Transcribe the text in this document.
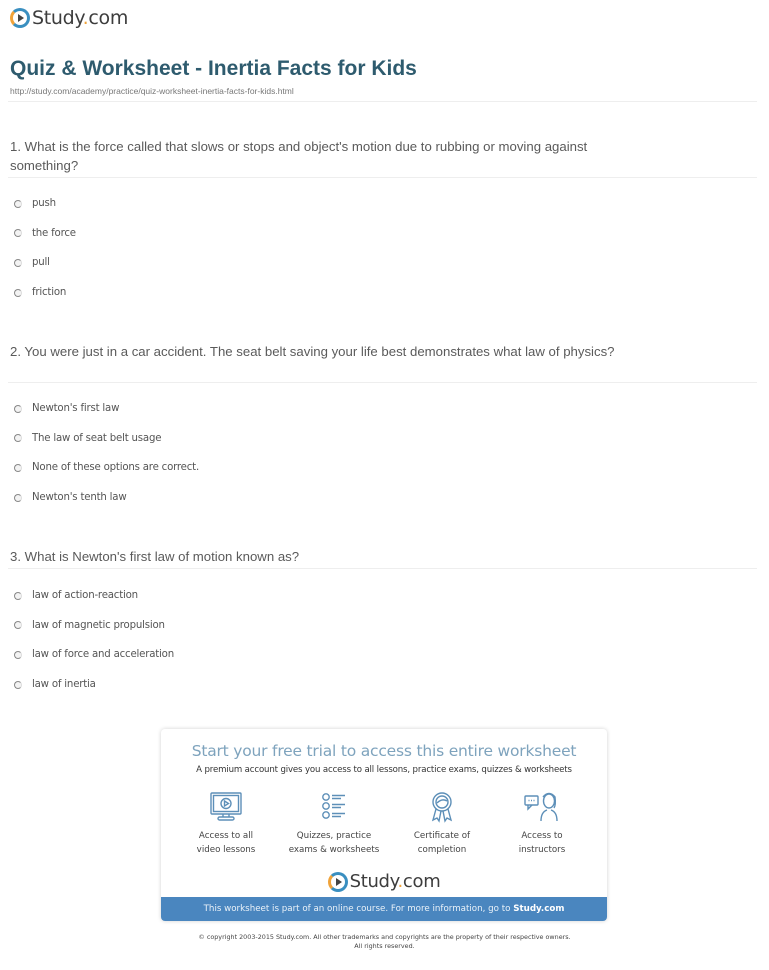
Study.com
Quiz & Worksheet - Inertia Facts for Kids
http://study.com/academy/practice/quiz-worksheet-inertia-facts-for-kids.html
1. What is the force called that slows or stops and object's motion due to rubbing or moving against something?
push
the force
pull
friction
2. You were just in a car accident. The seat belt saving your life best demonstrates what law of physics?
Newton's first law
The law of seat belt usage
None of these options are correct.
Newton's tenth law
3. What is Newton's first law of motion known as?
law of action-reaction
law of magnetic propulsion
law of force and acceleration
law of inertia
Start your free trial to access this entire worksheet
A premium account gives you access to all lessons, practice exams, quizzes & worksheets
Access to all
video lessons
Quizzes, practice
exams & worksheets
Certificate of
completion
Access to
instructors
Study.com
This worksheet is part of an online course. For more information, go to Study.com
© copyright 2003-2015 Study.com. All other trademarks and copyrights are the property of their respective owners.
All rights reserved.
